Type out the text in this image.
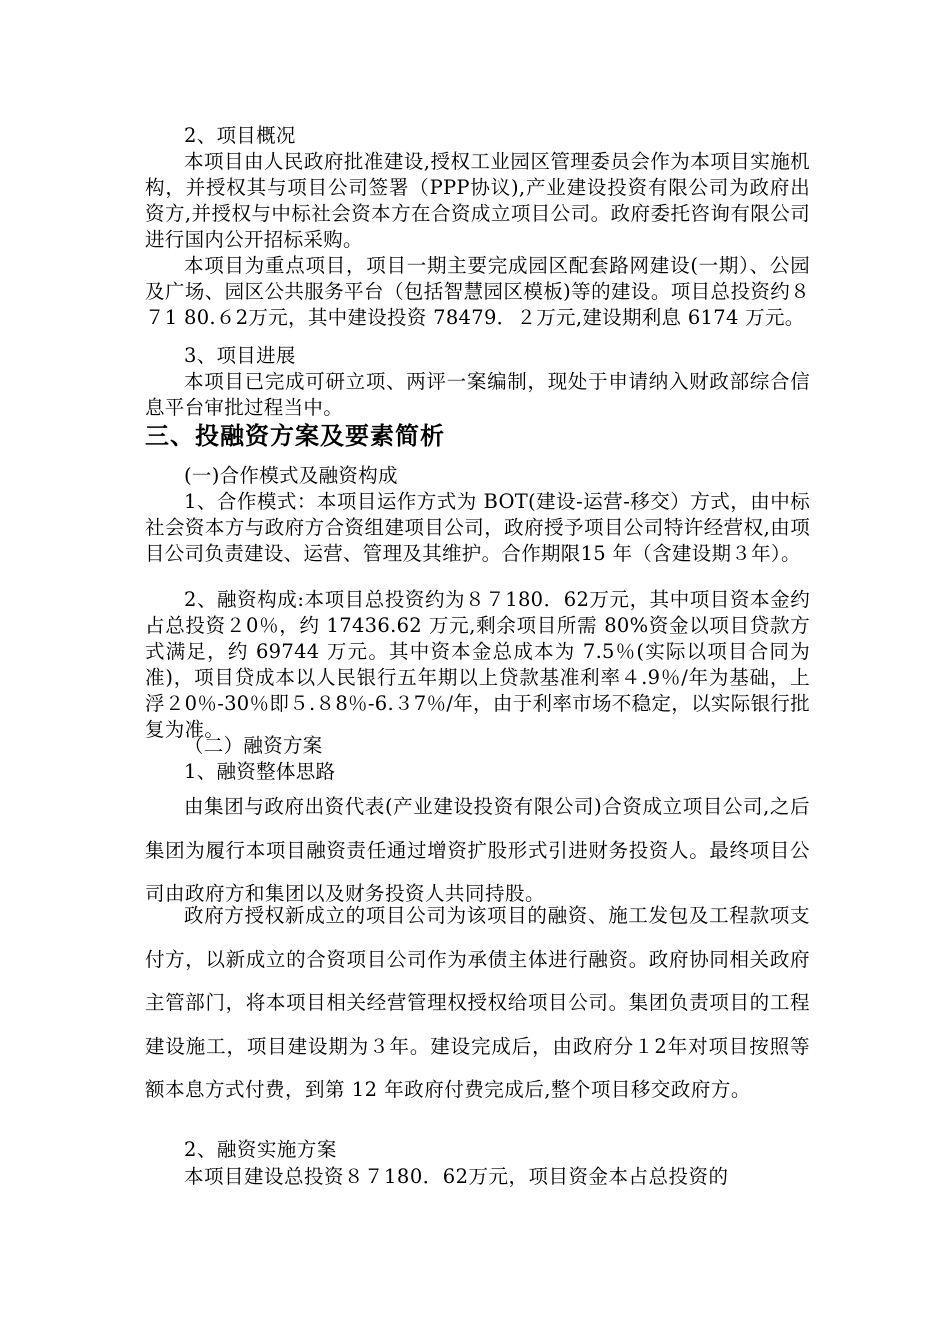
2、项目概况

本项目由人民政府批准建设,授权工业园区管理委员会作为本项目实施机构，并授权其与项目公司签署（PPP协议),产业建设投资有限公司为政府出资方,并授权与中标社会资本方在合资成立项目公司。政府委托咨询有限公司进行国内公开招标采购。

本项目为重点项目，项目一期主要完成园区配套路网建设(一期）、公园及广场、园区公共服务平台（包括智慧园区模板)等的建设。项目总投资约８７1 80.６2万元，其中建设投资 78479．２万元,建设期利息 6174 万元。

3、项目进展

本项目已完成可研立项、两评一案编制，现处于申请纳入财政部综合信息平台审批过程当中。

三、投融资方案及要素简析

(一)合作模式及融资构成

1、合作模式：本项目运作方式为 BOT(建设-运营-移交）方式，由中标社会资本方与政府方合资组建项目公司，政府授予项目公司特许经营权,由项目公司负责建设、运营、管理及其维护。合作期限15 年（含建设期３年）。

2、融资构成:本项目总投资约为８７180．62万元，其中项目资本金约占总投资２0％，约 17436.62 万元,剩余项目所需 80%资金以项目贷款方式满足，约 69744 万元。其中资本金总成本为 7.5％(实际以项目合同为准)，项目贷成本以人民银行五年期以上贷款基准利率４.9％/年为基础，上浮２0％-30％即５.８8％-6.３7％/年，由于利率市场不稳定，以实际银行批复为准。

（二）融资方案

1、融资整体思路

由集团与政府出资代表(产业建设投资有限公司)合资成立项目公司,之后集团为履行本项目融资责任通过增资扩股形式引进财务投资人。最终项目公司由政府方和集团以及财务投资人共同持股。

政府方授权新成立的项目公司为该项目的融资、施工发包及工程款项支付方，以新成立的合资项目公司作为承债主体进行融资。政府协同相关政府主管部门，将本项目相关经营管理权授权给项目公司。集团负责项目的工程建设施工，项目建设期为３年。建设完成后，由政府分１2年对项目按照等额本息方式付费，到第 12 年政府付费完成后,整个项目移交政府方。

2、融资实施方案

本项目建设总投资８７180．62万元，项目资金本占总投资的
